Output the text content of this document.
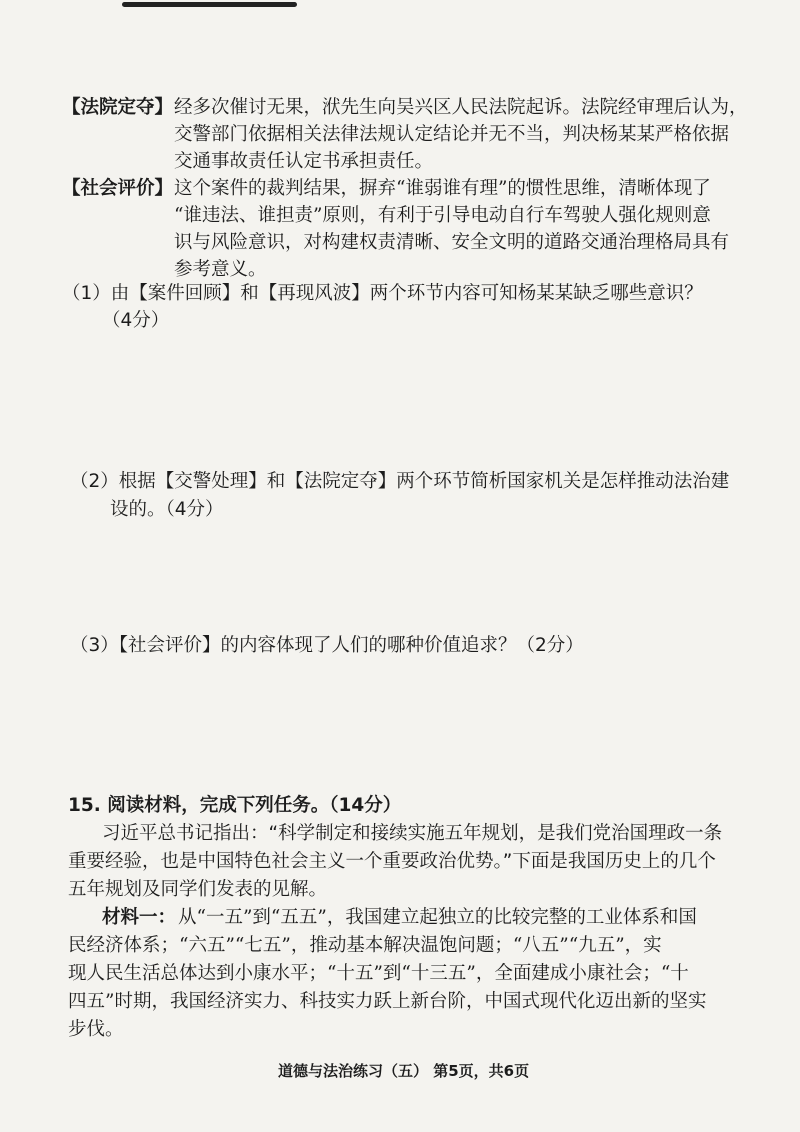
【法院定夺】 经多次催讨无果，洑先生向吴兴区人民法院起诉。法院经审理后认为，
交警部门依据相关法律法规认定结论并无不当，判决杨某某严格依据
交通事故责任认定书承担责任。
【社会评价】 这个案件的裁判结果，摒弃“谁弱谁有理”的惯性思维，清晰体现了
“谁违法、谁担责”原则，有利于引导电动自行车驾驶人强化规则意
识与风险意识，对构建权责清晰、安全文明的道路交通治理格局具有
参考意义。
（1）由【案件回顾】和【再现风波】两个环节内容可知杨某某缺乏哪些意识？
（4分）
（2）根据【交警处理】和【法院定夺】两个环节简析国家机关是怎样推动法治建
设的。（4分）
（3）【社会评价】的内容体现了人们的哪种价值追求？（2分）
15. 阅读材料，完成下列任务。（14分）
习近平总书记指出：“科学制定和接续实施五年规划，是我们党治国理政一条
重要经验，也是中国特色社会主义一个重要政治优势。”下面是我国历史上的几个
五年规划及同学们发表的见解。
材料一： 从“一五”到“五五”，我国建立起独立的比较完整的工业体系和国
民经济体系；“六五”“七五”，推动基本解决温饱问题；“八五”“九五”，实
现人民生活总体达到小康水平；“十五”到“十三五”，全面建成小康社会；“十
四五”时期，我国经济实力、科技实力跃上新台阶，中国式现代化迈出新的坚实
步伐。
道德与法治练习（五） 第5页，共6页
